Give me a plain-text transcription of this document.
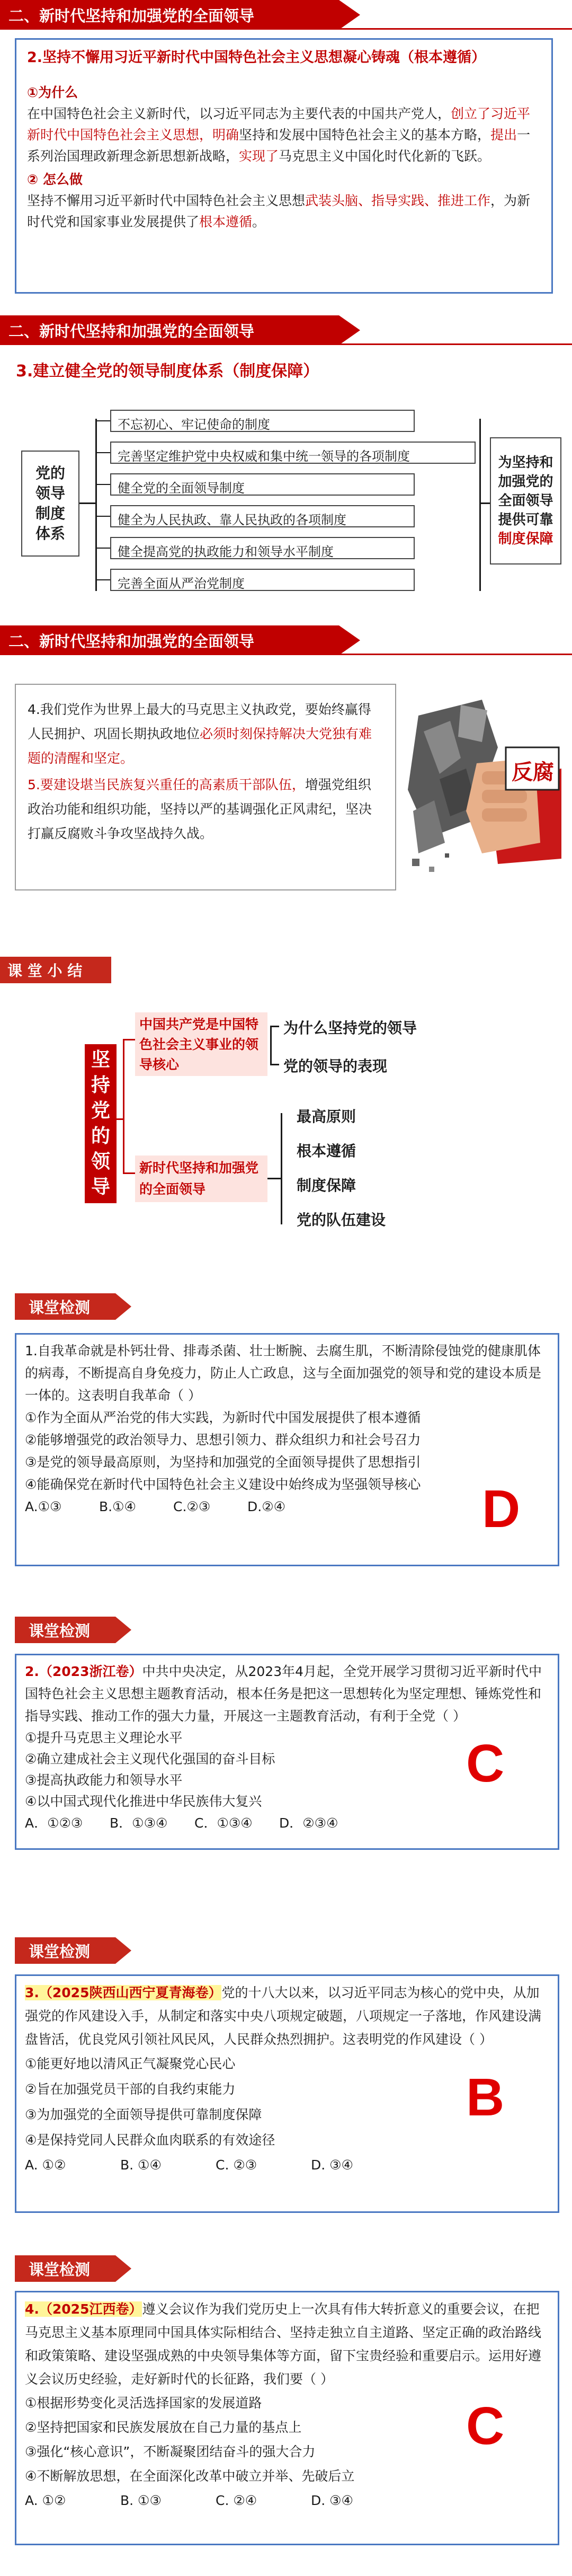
二、新时代坚持和加强党的全面领导
2.坚持不懈用习近平新时代中国特色社会主义思想凝心铸魂（根本遵循）
①为什么
在中国特色社会主义新时代，以习近平同志为主要代表的中国共产党人，创立了习近平新时代中国特色社会主义思想，明确坚持和发展中国特色社会主义的基本方略，提出一系列治国理政新理念新思想新战略，实现了马克思主义中国化时代化新的飞跃。
② 怎么做
坚持不懈用习近平新时代中国特色社会主义思想武装头脑、指导实践、推进工作，为新时代党和国家事业发展提供了根本遵循。
二、新时代坚持和加强党的全面领导
3.建立健全党的领导制度体系（制度保障）
党的领导制度体系
不忘初心、牢记使命的制度
完善坚定维护党中央权威和集中统一领导的各项制度
健全党的全面领导制度
健全为人民执政、靠人民执政的各项制度
健全提高党的执政能力和领导水平制度
完善全面从严治党制度
为坚持和加强党的全面领导提供可靠制度保障
二、新时代坚持和加强党的全面领导
4.我们党作为世界上最大的马克思主义执政党，要始终赢得人民拥护、巩固长期执政地位必须时刻保持解决大党独有难题的清醒和坚定。
5.要建设堪当民族复兴重任的高素质干部队伍，增强党组织政治功能和组织功能，坚持以严的基调强化正风肃纪，坚决打赢反腐败斗争攻坚战持久战。
反腐
课 堂 小 结
坚持党的领导
中国共产党是中国特色社会主义事业的领导核心
为什么坚持党的领导
党的领导的表现
新时代坚持和加强党的全面领导
最高原则
根本遵循
制度保障
党的队伍建设
课堂检测
1.自我革命就是朴钙壮骨、排毒杀菌、壮士断腕、去腐生肌，不断清除侵蚀党的健康肌体的病毒，不断提高自身免疫力，防止人亡政息，这与全面加强党的领导和党的建设本质是一体的。这表明自我革命（ ）
①作为全面从严治党的伟大实践，为新时代中国发展提供了根本遵循
②能够增强党的政治领导力、思想引领力、群众组织力和社会号召力
③是党的领导最高原则，为坚持和加强党的全面领导提供了思想指引
④能确保党在新时代中国特色社会主义建设中始终成为坚强领导核心
A.①③	B.①④	C.②③	D.②④	D
课堂检测
2.（2023浙江卷）中共中央决定，从2023年4月起，全党开展学习贯彻习近平新时代中国特色社会主义思想主题教育活动，根本任务是把这一思想转化为坚定理想、锤炼党性和指导实践、推动工作的强大力量，开展这一主题教育活动，有利于全党（ ）
①提升马克思主义理论水平
②确立建成社会主义现代化强国的奋斗目标
③提高执政能力和领导水平
④以中国式现代化推进中华民族伟大复兴
A．①②③ B．①③④ C．①③④ D．②③④
C
课堂检测
3.（2025陕西山西宁夏青海卷）党的十八大以来，以习近平同志为核心的党中央，从加强党的作风建设入手，从制定和落实中央八项规定破题，八项规定一子落地，作风建设满盘皆活，优良党风引领社风民风，人民群众热烈拥护。这表明党的作风建设（ ）
①能更好地以清风正气凝聚党心民心
②旨在加强党员干部的自我约束能力
③为加强党的全面领导提供可靠制度保障
④是保持党同人民群众血肉联系的有效途径
A. ①②	B. ①④	C. ②③	D. ③④
B
课堂检测
4.（2025江西卷）遵义会议作为我们党历史上一次具有伟大转折意义的重要会议，在把马克思主义基本原理同中国具体实际相结合、坚持走独立自主道路、坚定正确的政治路线和政策策略、建设坚强成熟的中央领导集体等方面，留下宝贵经验和重要启示。运用好遵义会议历史经验，走好新时代的长征路，我们要（ ）
①根据形势变化灵活选择国家的发展道路
②坚持把国家和民族发展放在自己力量的基点上
③强化“核心意识”，不断凝聚团结奋斗的强大合力
④不断解放思想，在全面深化改革中破立并举、先破后立
A. ①②	B. ①③	C. ②④	D. ③④
C
